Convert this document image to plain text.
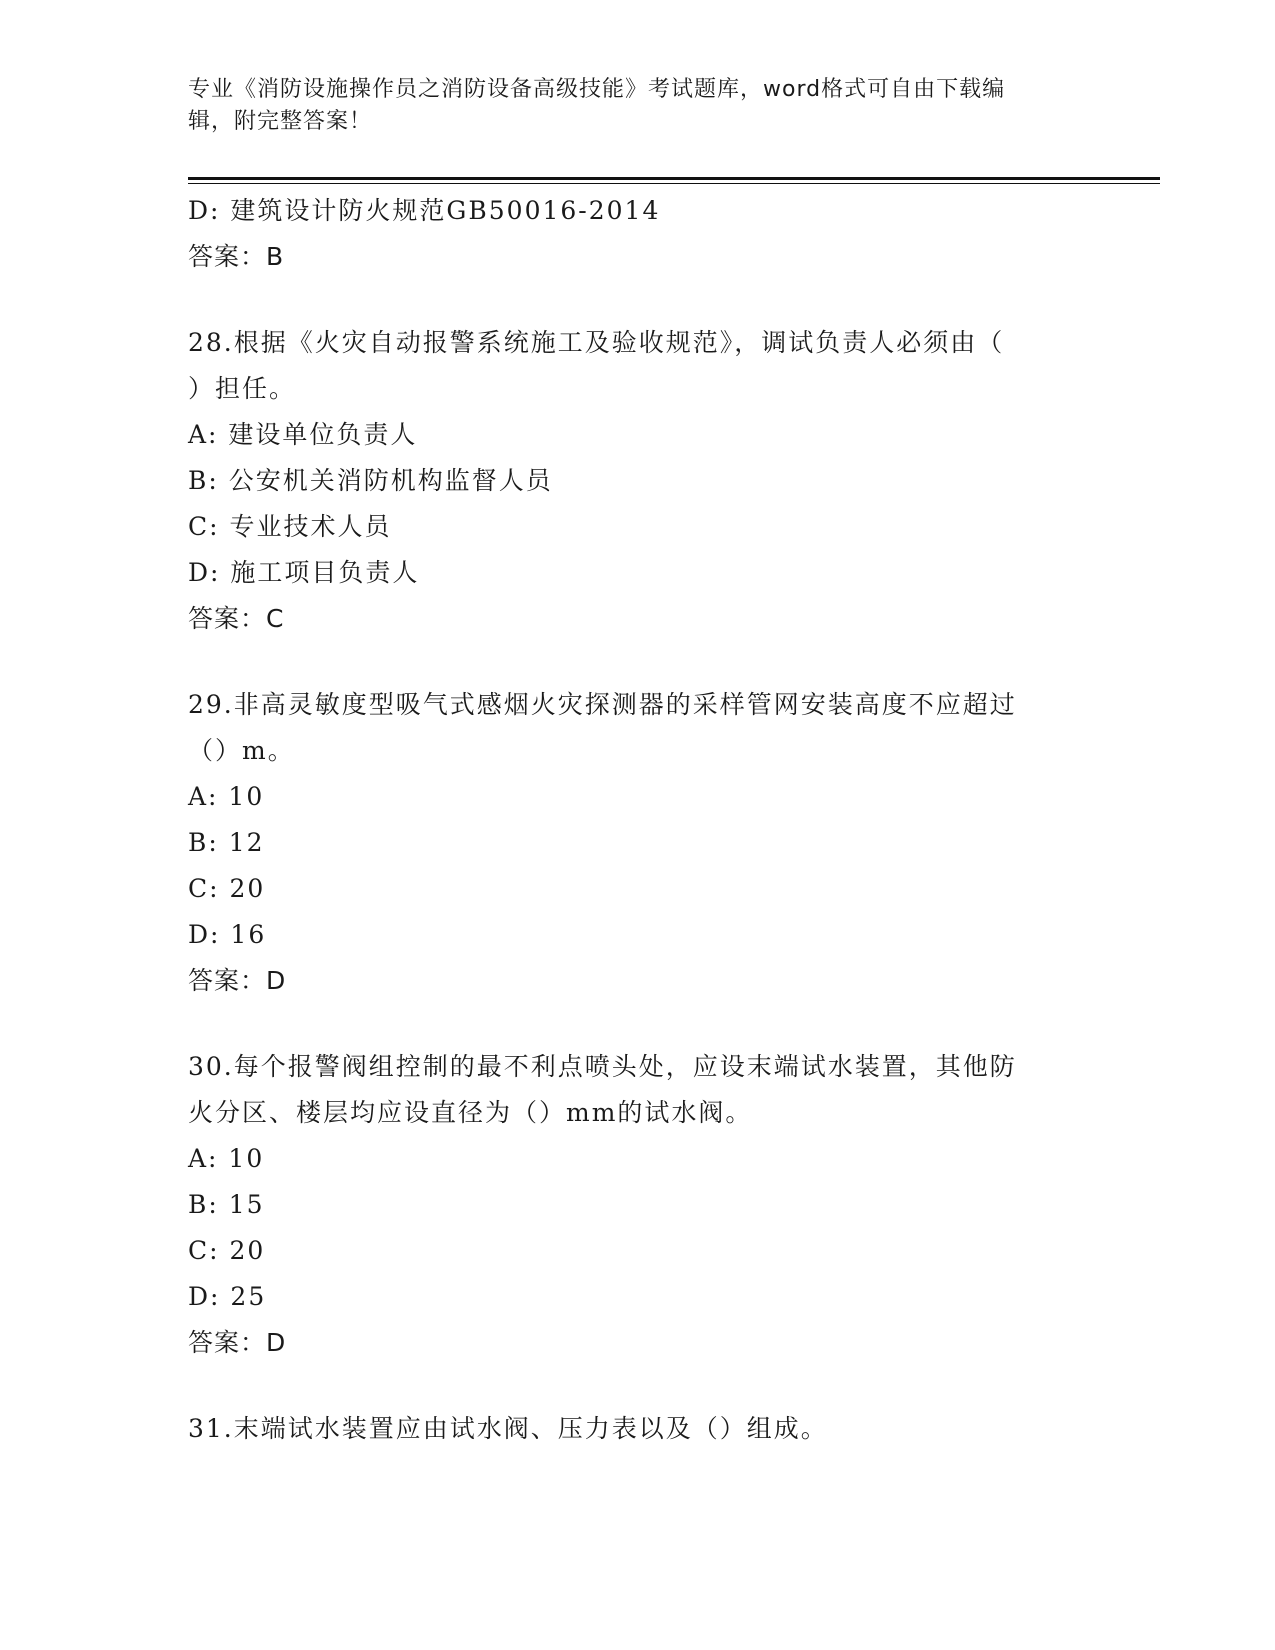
专业《消防设施操作员之消防设备高级技能》考试题库，word格式可自由下载编
辑，附完整答案！
D: 建筑设计防火规范GB50016-2014
答案：B
28.根据《火灾自动报警系统施工及验收规范》，调试负责人必须由（
）担任。
A: 建设单位负责人
B: 公安机关消防机构监督人员
C: 专业技术人员
D: 施工项目负责人
答案：C
29.非高灵敏度型吸气式感烟火灾探测器的采样管网安装高度不应超过
（）m。
A: 10
B: 12
C: 20
D: 16
答案：D
30.每个报警阀组控制的最不利点喷头处，应设末端试水装置，其他防
火分区、楼层均应设直径为（）mm的试水阀。
A: 10
B: 15
C: 20
D: 25
答案：D
31.末端试水装置应由试水阀、压力表以及（）组成。
